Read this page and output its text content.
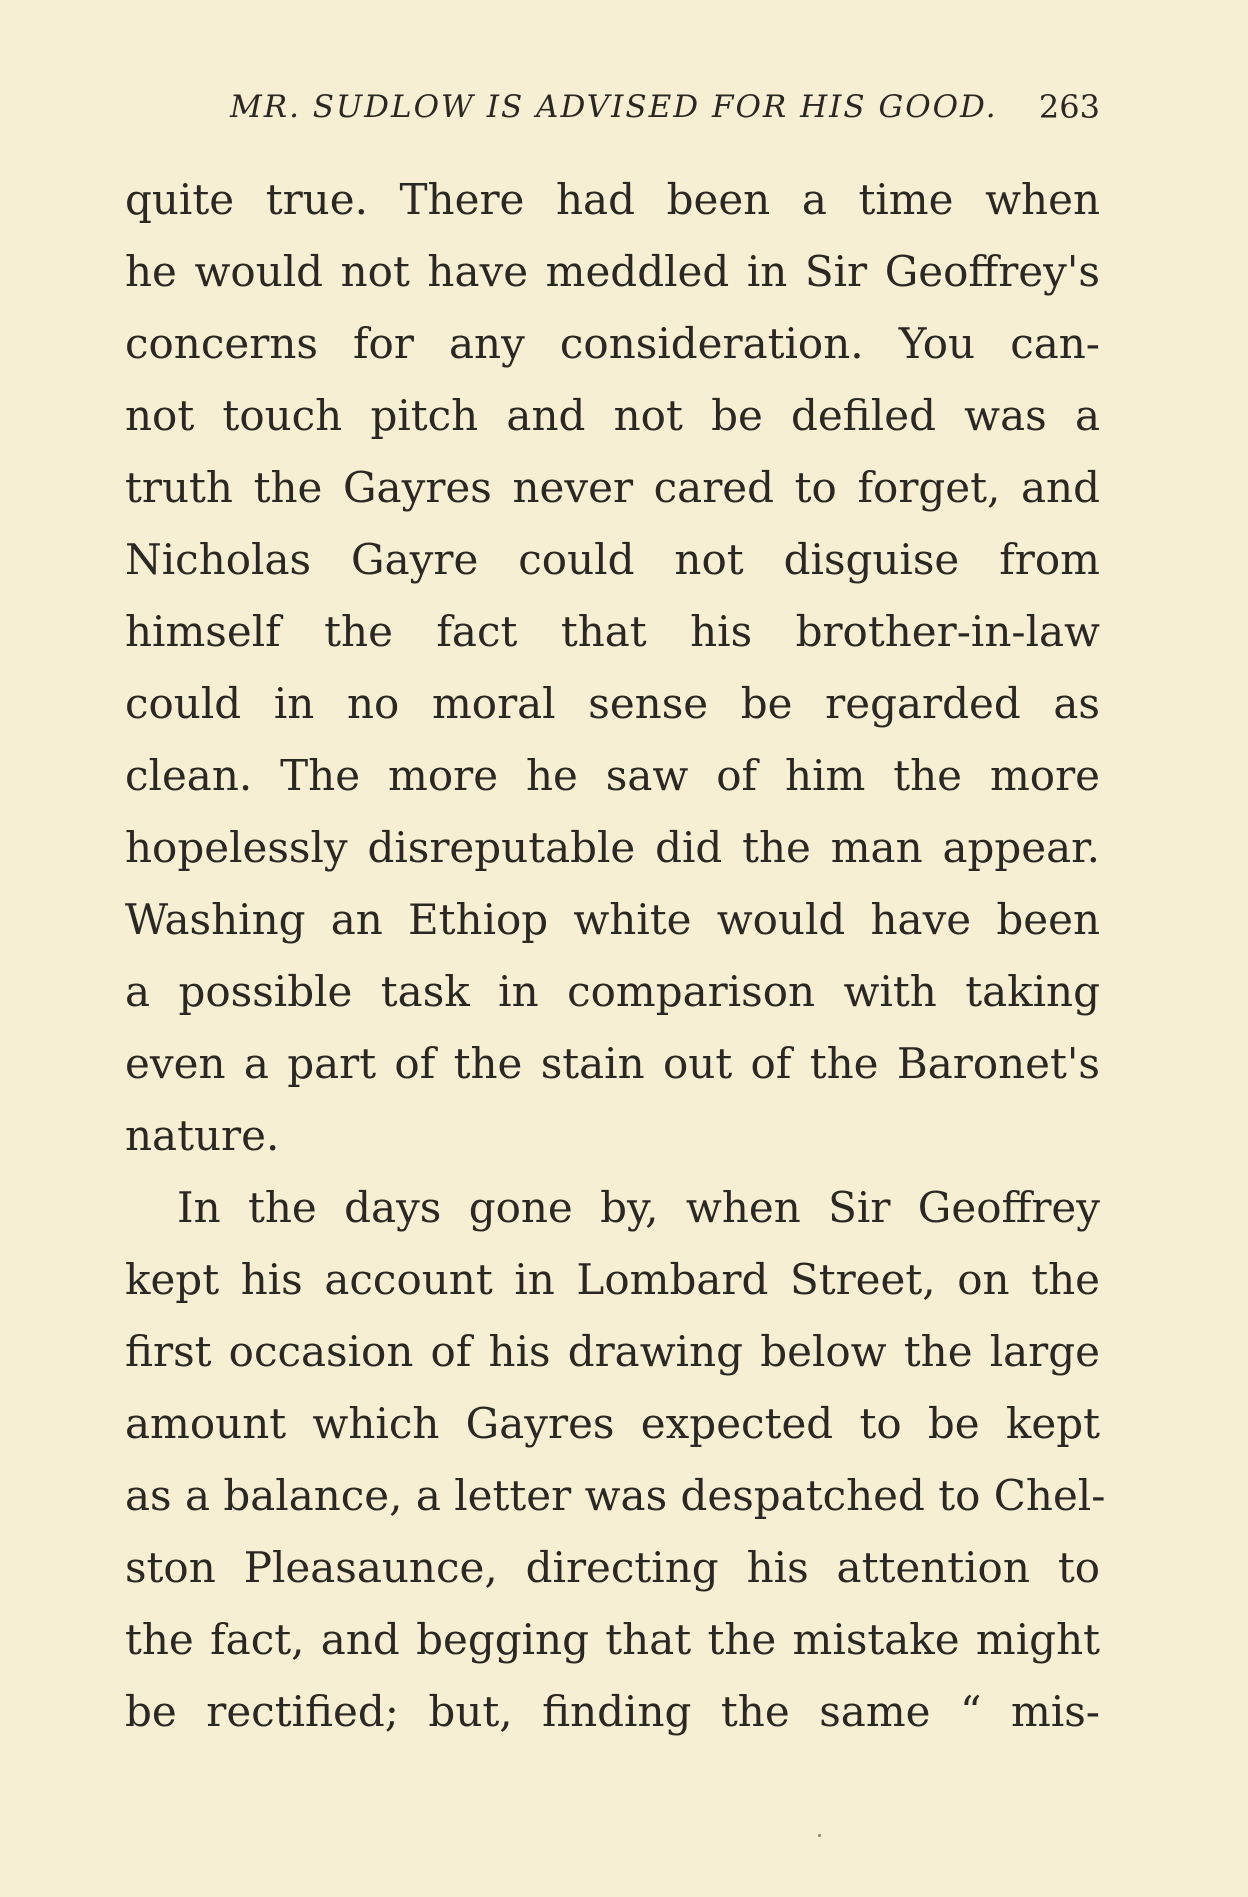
MR. SUDLOW IS ADVISED FOR HIS GOOD. 263
quite true. There had been a time when
he would not have meddled in Sir Geoffrey's
concerns for any consideration. You can-
not touch pitch and not be defiled was a
truth the Gayres never cared to forget, and
Nicholas Gayre could not disguise from
himself the fact that his brother-in-law
could in no moral sense be regarded as
clean. The more he saw of him the more
hopelessly disreputable did the man appear.
Washing an Ethiop white would have been
a possible task in comparison with taking
even a part of the stain out of the Baronet's
nature.
In the days gone by, when Sir Geoffrey
kept his account in Lombard Street, on the
first occasion of his drawing below the large
amount which Gayres expected to be kept
as a balance, a letter was despatched to Chel-
ston Pleasaunce, directing his attention to
the fact, and begging that the mistake might
be rectified; but, finding the same “ mis-
